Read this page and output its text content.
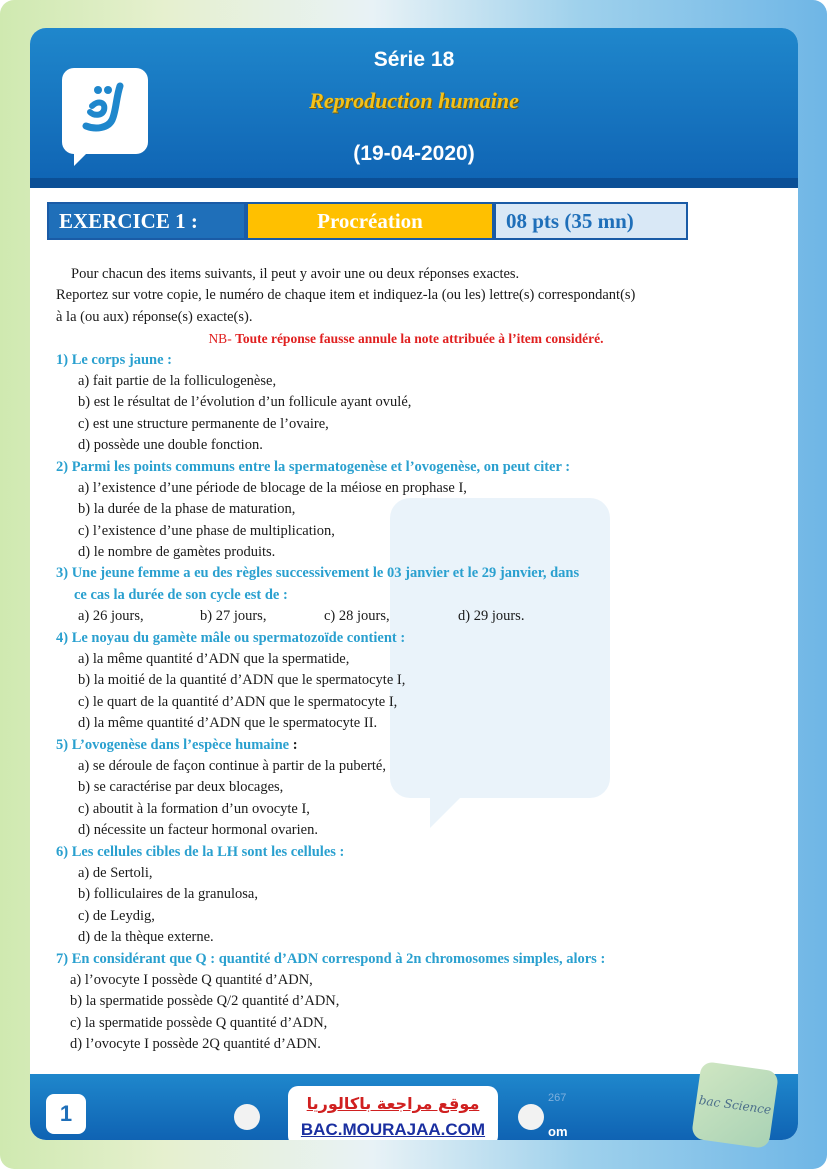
Série 18
Reproduction humaine
(19-04-2020)
EXERCICE 1 :	Procréation	08 pts (35 mn)
Pour chacun des items suivants, il peut y avoir une ou deux réponses exactes.
Reportez sur votre copie, le numéro de chaque item et indiquez-la (ou les) lettre(s) correspondant(s)
à la (ou aux) réponse(s) exacte(s).
NB- Toute réponse fausse annule la note attribuée à l’item considéré.
1) Le corps jaune :
a) fait partie de la folliculogenèse,
b) est le résultat de l’évolution d’un follicule ayant ovulé,
c) est une structure permanente de l’ovaire,
d) possède une double fonction.
2) Parmi les points communs entre la spermatogenèse et l’ovogenèse, on peut citer :
a) l’existence d’une période de blocage de la méiose en prophase I,
b) la durée de la phase de maturation,
c) l’existence d’une phase de multiplication,
d) le nombre de gamètes produits.
3) Une jeune femme a eu des règles successivement le 03 janvier et le 29 janvier, dans
ce cas la durée de son cycle est de :
a) 26 jours,	b) 27 jours,	c) 28 jours,	d) 29 jours.
4) Le noyau du gamète mâle ou spermatozoïde contient :
a) la même quantité d’ADN que la spermatide,
b) la moitié de la quantité d’ADN que le spermatocyte I,
c) le quart de la quantité d’ADN que le spermatocyte I,
d) la même quantité d’ADN que le spermatocyte II.
5) L’ovogenèse dans l’espèce humaine :
a) se déroule de façon continue à partir de la puberté,
b) se caractérise par deux blocages,
c) aboutit à la formation d’un ovocyte I,
d) nécessite un facteur hormonal ovarien.
6) Les cellules cibles de la LH sont les cellules :
a) de Sertoli,
b) folliculaires de la granulosa,
c) de Leydig,
d) de la thèque externe.
7) En considérant que Q : quantité d’ADN correspond à 2n chromosomes simples, alors :
a) l’ovocyte I possède Q quantité d’ADN,
b) la spermatide possède Q/2 quantité d’ADN,
c) la spermatide possède Q quantité d’ADN,
d) l’ovocyte I possède 2Q quantité d’ADN.
1	موقع مراجعة باكالوريا
BAC.MOURAJAA.COM
267
om
bac Science
